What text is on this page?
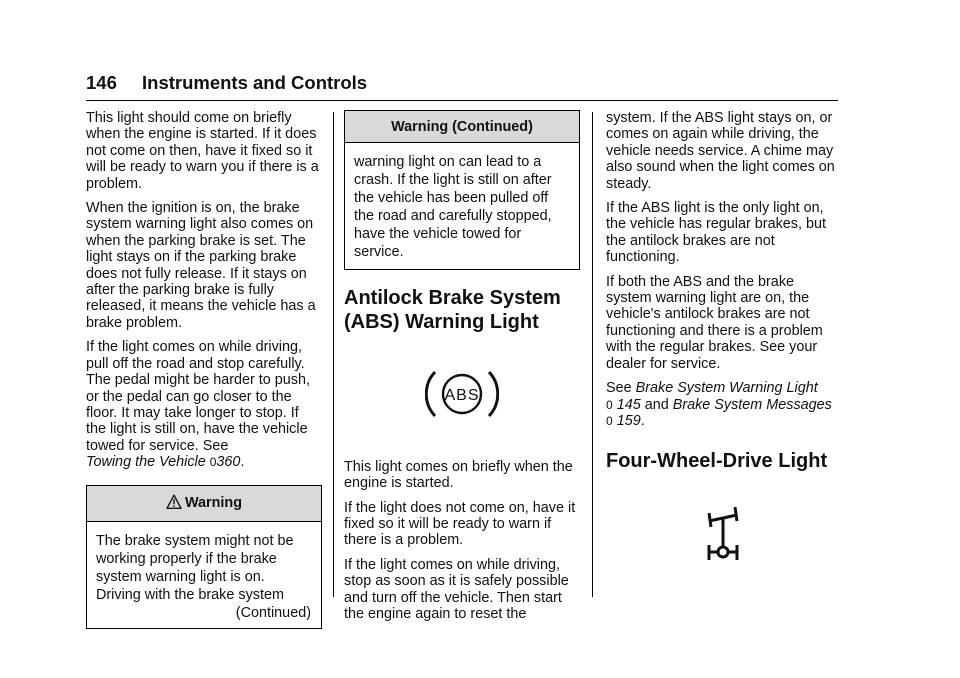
146 Instruments and Controls

This light should come on briefly when the engine is started. If it does not come on then, have it fixed so it will be ready to warn you if there is a problem.

When the ignition is on, the brake system warning light also comes on when the parking brake is set. The light stays on if the parking brake does not fully release. If it stays on after the parking brake is fully released, it means the vehicle has a brake problem.

If the light comes on while driving, pull off the road and stop carefully. The pedal might be harder to push, or the pedal can go closer to the floor. It may take longer to stop. If the light is still on, have the vehicle towed for service. See
Towing the Vehicle 0360.

Warning

The brake system might not be working properly if the brake system warning light is on. Driving with the brake system

(Continued)

Warning (Continued)

warning light on can lead to a crash. If the light is still on after the vehicle has been pulled off the road and carefully stopped, have the vehicle towed for service.

Antilock Brake System (ABS) Warning Light
ABS

This light comes on briefly when the engine is started.

If the light does not come on, have it fixed so it will be ready to warn if there is a problem.

If the light comes on while driving, stop as soon as it is safely possible and turn off the vehicle. Then start the engine again to reset the

system. If the ABS light stays on, or comes on again while driving, the vehicle needs service. A chime may also sound when the light comes on steady.

If the ABS light is the only light on, the vehicle has regular brakes, but the antilock brakes are not functioning.

If both the ABS and the brake system warning light are on, the vehicle's antilock brakes are not functioning and there is a problem with the regular brakes. See your dealer for service.

See Brake System Warning Light
0 145 and Brake System Messages 0 159.

Four-Wheel-Drive Light
